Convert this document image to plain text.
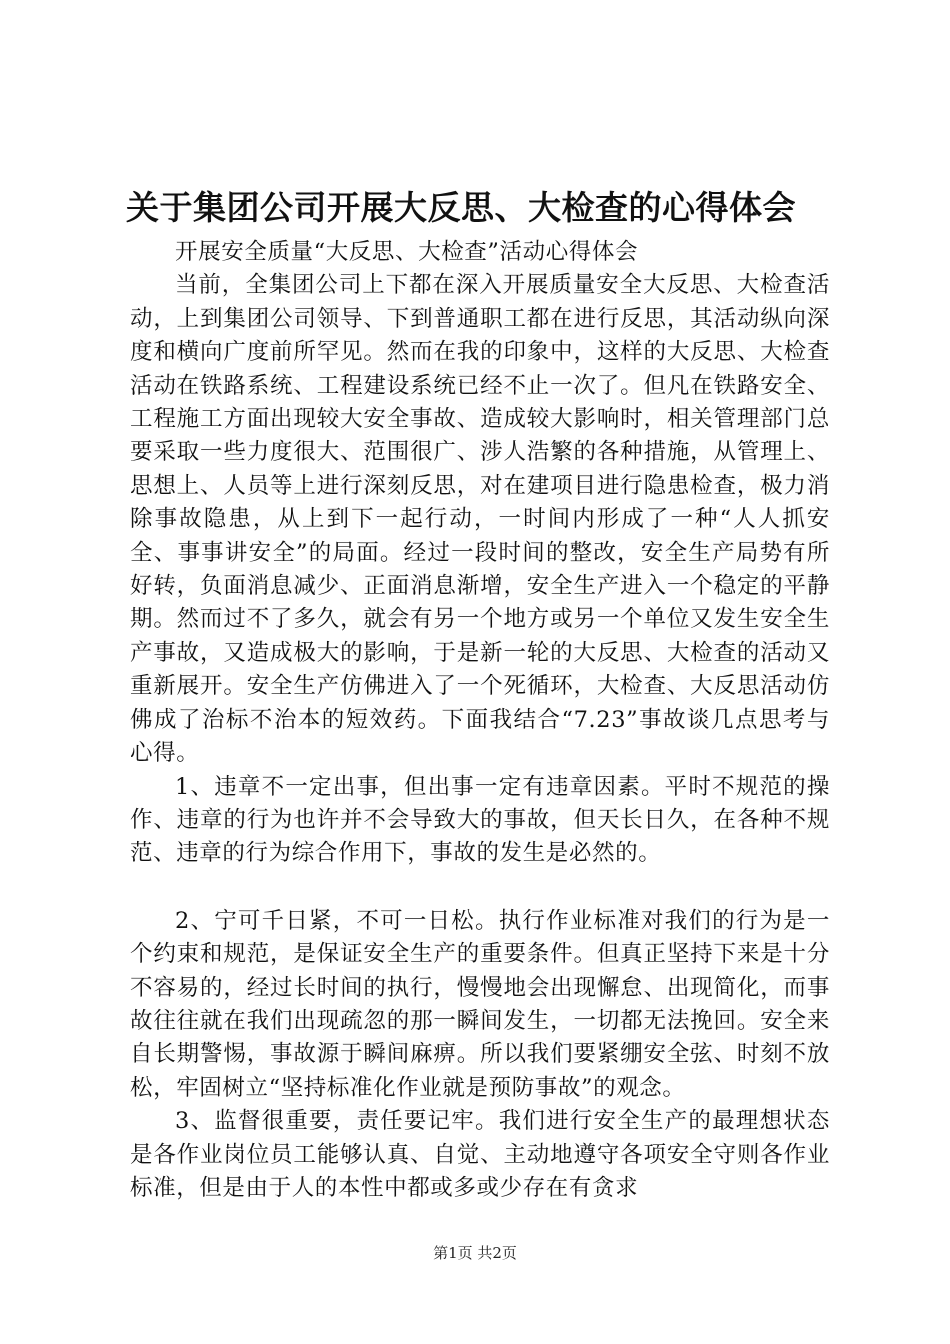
关于集团公司开展大反思、大检查的心得体会

开展安全质量“大反思、大检查”活动心得体会

当前，全集团公司上下都在深入开展质量安全大反思、大检查活动，上到集团公司领导、下到普通职工都在进行反思，其活动纵向深度和横向广度前所罕见。然而在我的印象中，这样的大反思、大检查活动在铁路系统、工程建设系统已经不止一次了。但凡在铁路安全、工程施工方面出现较大安全事故、造成较大影响时，相关管理部门总要采取一些力度很大、范围很广、涉人浩繁的各种措施，从管理上、思想上、人员等上进行深刻反思，对在建项目进行隐患检查，极力消除事故隐患，从上到下一起行动，一时间内形成了一种“人人抓安全、事事讲安全”的局面。经过一段时间的整改，安全生产局势有所好转，负面消息减少、正面消息渐增，安全生产进入一个稳定的平静期。然而过不了多久，就会有另一个地方或另一个单位又发生安全生产事故，又造成极大的影响，于是新一轮的大反思、大检查的活动又重新展开。安全生产仿佛进入了一个死循环，大检查、大反思活动仿佛成了治标不治本的短效药。下面我结合“7.23”事故谈几点思考与心得。

1、违章不一定出事，但出事一定有违章因素。平时不规范的操作、违章的行为也许并不会导致大的事故，但天长日久，在各种不规范、违章的行为综合作用下，事故的发生是必然的。

2、宁可千日紧，不可一日松。执行作业标准对我们的行为是一个约束和规范，是保证安全生产的重要条件。但真正坚持下来是十分不容易的，经过长时间的执行，慢慢地会出现懈怠、出现简化，而事故往往就在我们出现疏忽的那一瞬间发生，一切都无法挽回。安全来自长期警惕，事故源于瞬间麻痹。所以我们要紧绷安全弦、时刻不放松，牢固树立“坚持标准化作业就是预防事故”的观念。

3、监督很重要，责任要记牢。我们进行安全生产的最理想状态是各作业岗位员工能够认真、自觉、主动地遵守各项安全守则各作业标准，但是由于人的本性中都或多或少存在有贪求

第1页 共2页
